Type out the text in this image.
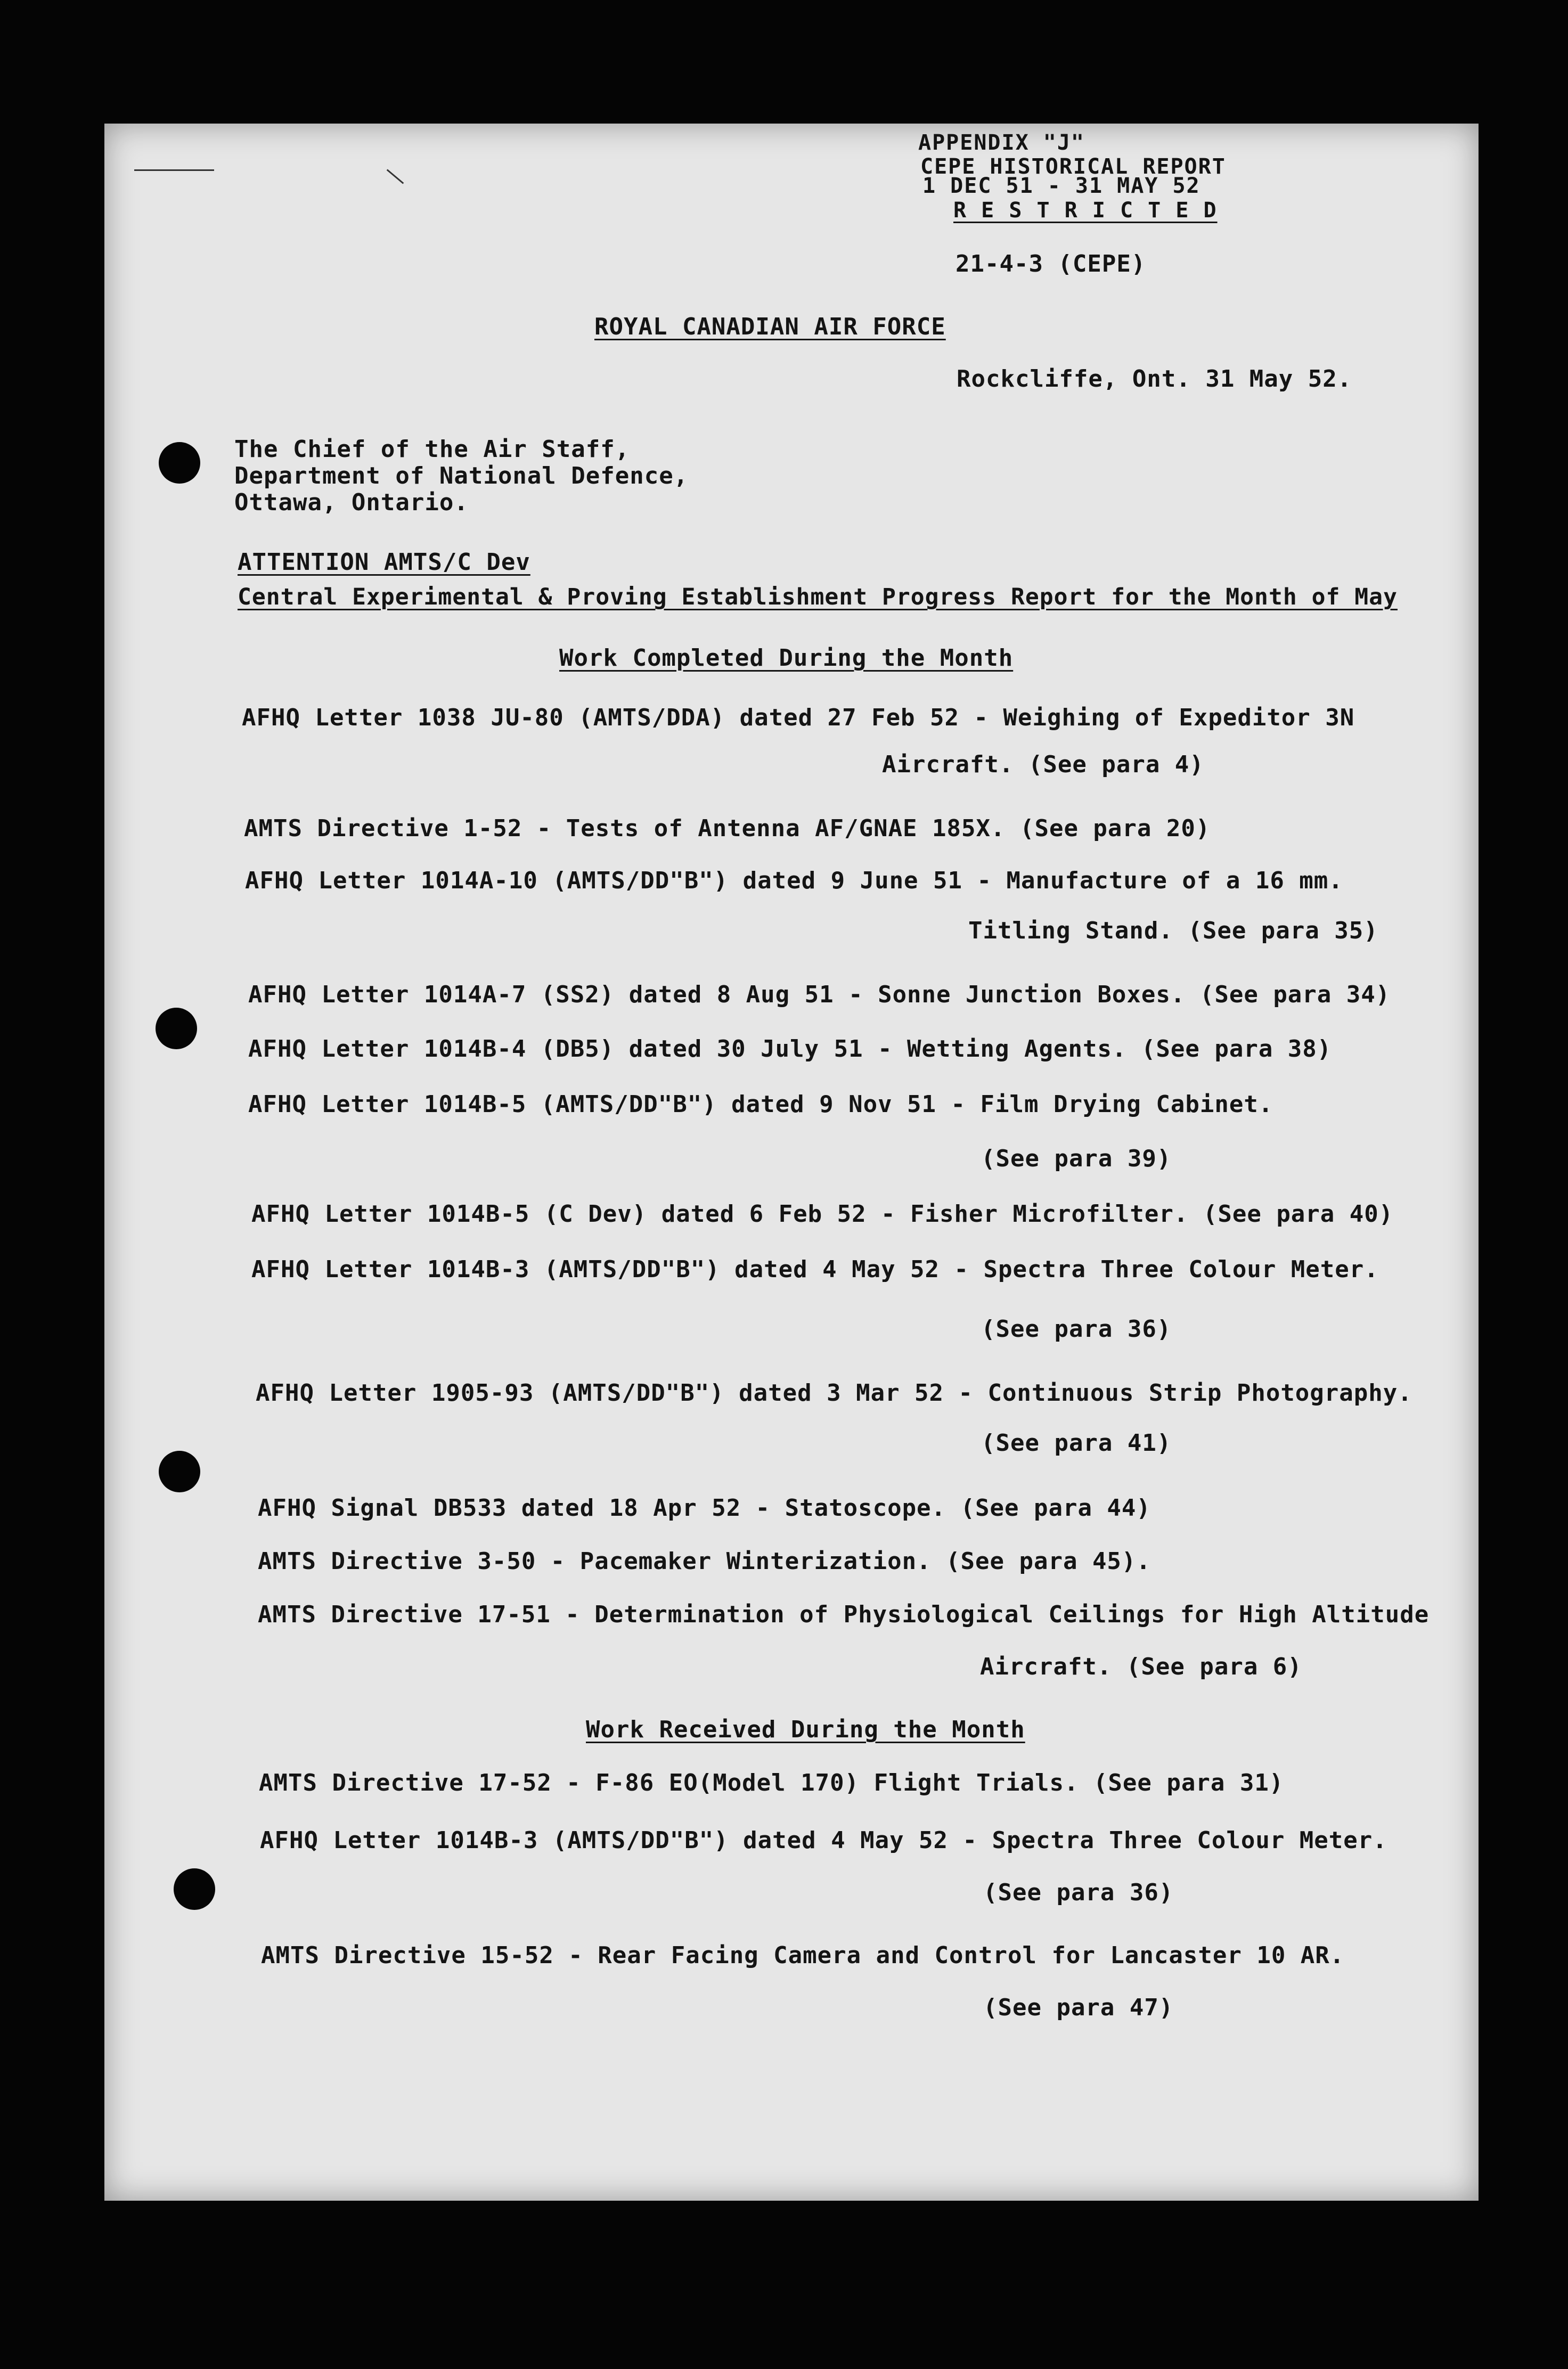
APPENDIX "J"
CEPE HISTORICAL REPORT
1 DEC 51 - 31 MAY 52
R E S T R I C T E D
21-4-3 (CEPE)
ROYAL CANADIAN AIR FORCE
Rockcliffe, Ont. 31 May 52.
The Chief of the Air Staff,
Department of National Defence,
Ottawa, Ontario.
ATTENTION AMTS/C Dev
Central Experimental & Proving Establishment Progress Report for the Month of May
Work Completed During the Month
AFHQ Letter 1038 JU-80 (AMTS/DDA) dated 27 Feb 52 - Weighing of Expeditor 3N
Aircraft. (See para 4)
AMTS Directive 1-52 - Tests of Antenna AF/GNAE 185X. (See para 20)
AFHQ Letter 1014A-10 (AMTS/DD"B") dated 9 June 51 - Manufacture of a 16 mm.
Titling Stand. (See para 35)
AFHQ Letter 1014A-7 (SS2) dated 8 Aug 51 - Sonne Junction Boxes. (See para 34)
AFHQ Letter 1014B-4 (DB5) dated 30 July 51 - Wetting Agents. (See para 38)
AFHQ Letter 1014B-5 (AMTS/DD"B") dated 9 Nov 51 - Film Drying Cabinet.
(See para 39)
AFHQ Letter 1014B-5 (C Dev) dated 6 Feb 52 - Fisher Microfilter. (See para 40)
AFHQ Letter 1014B-3 (AMTS/DD"B") dated 4 May 52 - Spectra Three Colour Meter.
(See para 36)
AFHQ Letter 1905-93 (AMTS/DD"B") dated 3 Mar 52 - Continuous Strip Photography.
(See para 41)
AFHQ Signal DB533 dated 18 Apr 52 - Statoscope. (See para 44)
AMTS Directive 3-50 - Pacemaker Winterization. (See para 45).
AMTS Directive 17-51 - Determination of Physiological Ceilings for High Altitude
Aircraft. (See para 6)
Work Received During the Month
AMTS Directive 17-52 - F-86 EO(Model 170) Flight Trials. (See para 31)
AFHQ Letter 1014B-3 (AMTS/DD"B") dated 4 May 52 - Spectra Three Colour Meter.
(See para 36)
AMTS Directive 15-52 - Rear Facing Camera and Control for Lancaster 10 AR.
(See para 47)
